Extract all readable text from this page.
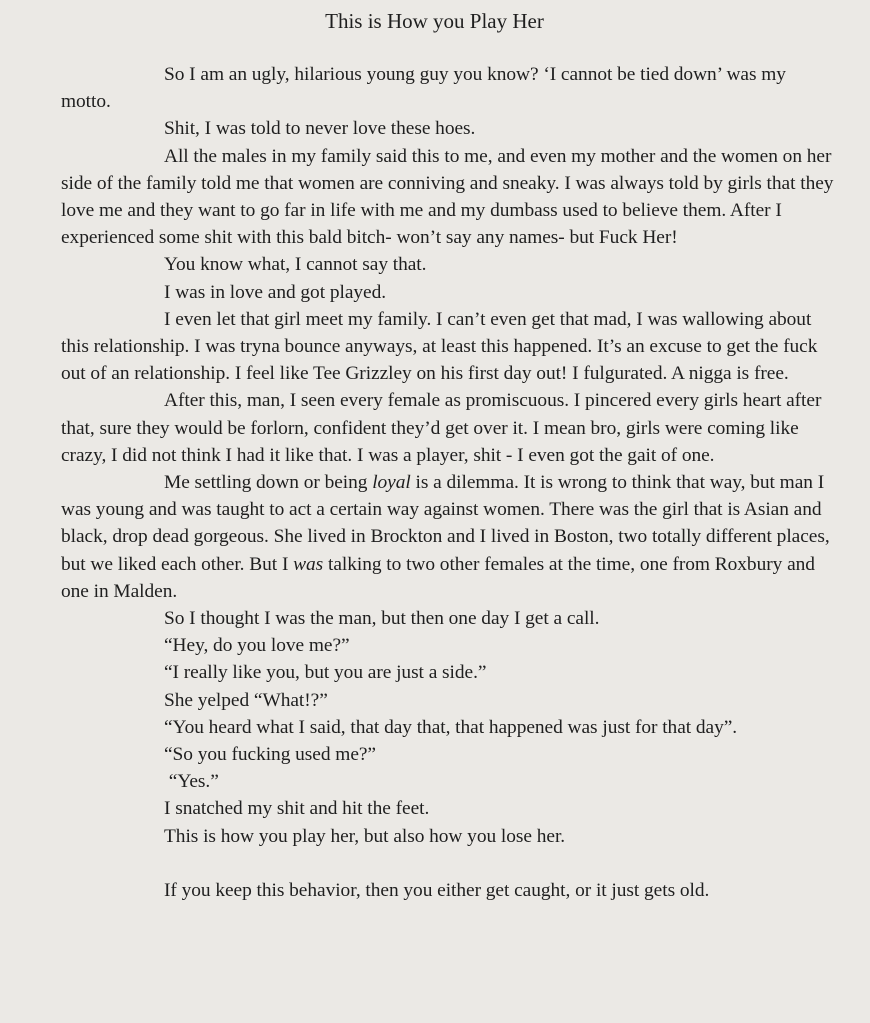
This is How you Play Her

So I am an ugly, hilarious young guy you know? ‘I cannot be tied down’ was my motto.

Shit, I was told to never love these hoes.

All the males in my family said this to me, and even my mother and the women on her side of the family told me that women are conniving and sneaky. I was always told by girls that they love me and they want to go far in life with me and my dumbass used to believe them. After I experienced some shit with this bald bitch- won’t say any names- but Fuck Her!

You know what, I cannot say that.

I was in love and got played.

I even let that girl meet my family. I can’t even get that mad, I was wallowing about this relationship. I was tryna bounce anyways, at least this happened. It’s an excuse to get the fuck out of an relationship. I feel like Tee Grizzley on his first day out! I fulgurated. A nigga is free.

After this, man, I seen every female as promiscuous. I pincered every girls heart after that, sure they would be forlorn, confident they’d get over it. I mean bro, girls were coming like crazy, I did not think I had it like that. I was a player, shit - I even got the gait of one.

Me settling down or being loyal is a dilemma. It is wrong to think that way, but man I was young and was taught to act a certain way against women. There was the girl that is Asian and black, drop dead gorgeous. She lived in Brockton and I lived in Boston, two totally different places, but we liked each other. But I was talking to two other females at the time, one from Roxbury and one in Malden.

So I thought I was the man, but then one day I get a call.

“Hey, do you love me?”

“I really like you, but you are just a side.”

She yelped “What!?”

“You heard what I said, that day that, that happened was just for that day”.

“So you fucking used me?”

“Yes.”

I snatched my shit and hit the feet.

This is how you play her, but also how you lose her.

If you keep this behavior, then you either get caught, or it just gets old.
